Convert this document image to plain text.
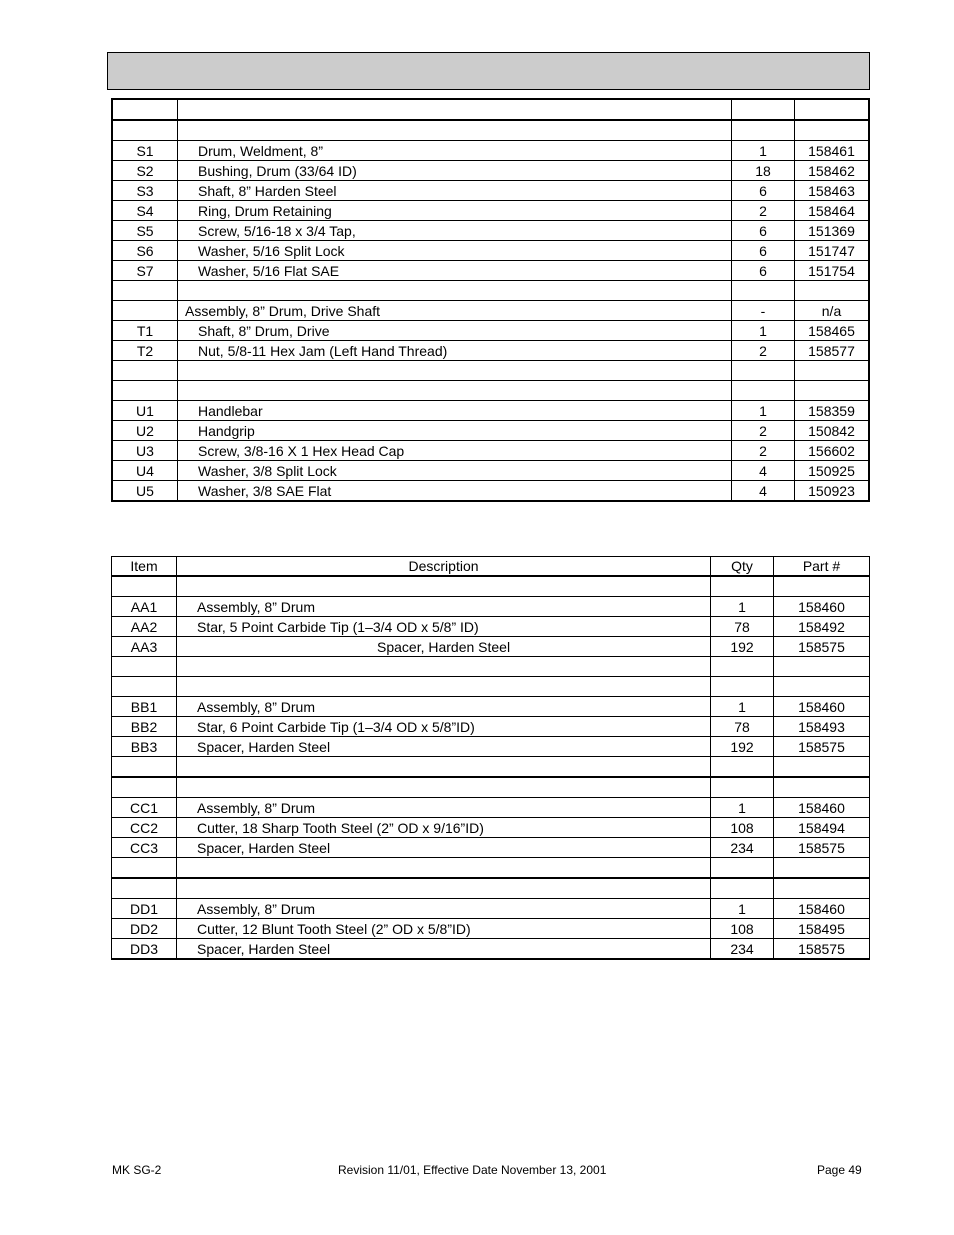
S1	Drum, Weldment, 8”	1	158461
S2	Bushing, Drum (33/64 ID)	18	158462
S3	Shaft, 8” Harden Steel	6	158463
S4	Ring, Drum Retaining	2	158464
S5	Screw, 5/16-18 x 3/4 Tap,	6	151369
S6	Washer, 5/16 Split Lock	6	151747
S7	Washer, 5/16 Flat SAE	6	151754

	Assembly, 8” Drum, Drive Shaft	-	n/a
T1	Shaft, 8” Drum, Drive	1	158465
T2	Nut, 5/8-11 Hex Jam (Left Hand Thread)	2	158577

U1	Handlebar	1	158359
U2	Handgrip	2	150842
U3	Screw, 3/8-16 X 1 Hex Head Cap	2	156602
U4	Washer, 3/8 Split Lock	4	150925
U5	Washer, 3/8 SAE Flat	4	150923
Item	Description	Qty	Part #

AA1	Assembly, 8” Drum	1	158460
AA2	Star, 5 Point Carbide Tip (1–3/4 OD x 5/8” ID)	78	158492
AA3	Spacer, Harden Steel	192	158575

BB1	Assembly, 8” Drum	1	158460
BB2	Star, 6 Point Carbide Tip (1–3/4 OD x 5/8”ID)	78	158493
BB3	Spacer, Harden Steel	192	158575

CC1	Assembly, 8” Drum	1	158460
CC2	Cutter, 18 Sharp Tooth Steel (2” OD x 9/16”ID)	108	158494
CC3	Spacer, Harden Steel	234	158575

DD1	Assembly, 8” Drum	1	158460
DD2	Cutter, 12 Blunt Tooth Steel (2” OD x 5/8”ID)	108	158495
DD3	Spacer, Harden Steel	234	158575
MK SG-2	Revision 11/01, Effective Date November 13, 2001	Page 49
